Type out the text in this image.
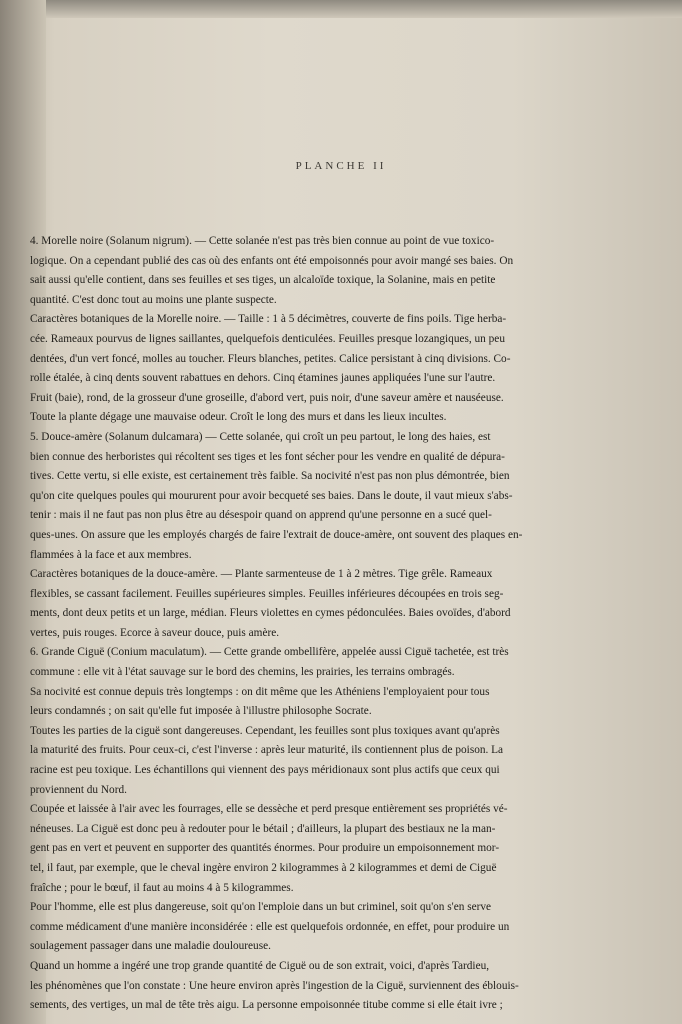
PLANCHE II
4. Morelle noire (Solanum nigrum). — Cette solanée n'est pas très bien connue au point de vue toxico-
logique. On a cependant publié des cas où des enfants ont été empoisonnés pour avoir mangé ses baies. On
sait aussi qu'elle contient, dans ses feuilles et ses tiges, un alcaloïde toxique, la Solanine, mais en petite
quantité. C'est donc tout au moins une plante suspecte.
Caractères botaniques de la Morelle noire. — Taille : 1 à 5 décimètres, couverte de fins poils. Tige herba-
cée. Rameaux pourvus de lignes saillantes, quelquefois denticulées. Feuilles presque lozangiques, un peu
dentées, d'un vert foncé, molles au toucher. Fleurs blanches, petites. Calice persistant à cinq divisions. Co-
rolle étalée, à cinq dents souvent rabattues en dehors. Cinq étamines jaunes appliquées l'une sur l'autre.
Fruit (baie), rond, de la grosseur d'une groseille, d'abord vert, puis noir, d'une saveur amère et nauséeuse.
Toute la plante dégage une mauvaise odeur. Croît le long des murs et dans les lieux incultes.
5. Douce-amère (Solanum dulcamara) — Cette solanée, qui croît un peu partout, le long des haies, est
bien connue des herboristes qui récoltent ses tiges et les font sécher pour les vendre en qualité de dépura-
tives. Cette vertu, si elle existe, est certainement très faible. Sa nocivité n'est pas non plus démontrée, bien
qu'on cite quelques poules qui moururent pour avoir becqueté ses baies. Dans le doute, il vaut mieux s'abs-
tenir : mais il ne faut pas non plus être au désespoir quand on apprend qu'une personne en a sucé quel-
ques-unes. On assure que les employés chargés de faire l'extrait de douce-amère, ont souvent des plaques en-
flammées à la face et aux membres.
Caractères botaniques de la douce-amère. — Plante sarmenteuse de 1 à 2 mètres. Tige grêle. Rameaux
flexibles, se cassant facilement. Feuilles supérieures simples. Feuilles inférieures découpées en trois seg-
ments, dont deux petits et un large, médian. Fleurs violettes en cymes pédonculées. Baies ovoïdes, d'abord
vertes, puis rouges. Ecorce à saveur douce, puis amère.
6. Grande Ciguë (Conium maculatum). — Cette grande ombellifère, appelée aussi Ciguë tachetée, est très
commune : elle vit à l'état sauvage sur le bord des chemins, les prairies, les terrains ombragés.
Sa nocivité est connue depuis très longtemps : on dit même que les Athéniens l'employaient pour tous
leurs condamnés ; on sait qu'elle fut imposée à l'illustre philosophe Socrate.
Toutes les parties de la ciguë sont dangereuses. Cependant, les feuilles sont plus toxiques avant qu'après
la maturité des fruits. Pour ceux-ci, c'est l'inverse : après leur maturité, ils contiennent plus de poison. La
racine est peu toxique. Les échantillons qui viennent des pays méridionaux sont plus actifs que ceux qui
proviennent du Nord.
Coupée et laissée à l'air avec les fourrages, elle se dessèche et perd presque entièrement ses propriétés vé-
néneuses. La Ciguë est donc peu à redouter pour le bétail ; d'ailleurs, la plupart des bestiaux ne la man-
gent pas en vert et peuvent en supporter des quantités énormes. Pour produire un empoisonnement mor-
tel, il faut, par exemple, que le cheval ingère environ 2 kilogrammes à 2 kilogrammes et demi de Ciguë
fraîche ; pour le bœuf, il faut au moins 4 à 5 kilogrammes.
Pour l'homme, elle est plus dangereuse, soit qu'on l'emploie dans un but criminel, soit qu'on s'en serve
comme médicament d'une manière inconsidérée : elle est quelquefois ordonnée, en effet, pour produire un
soulagement passager dans une maladie douloureuse.
Quand un homme a ingéré une trop grande quantité de Ciguë ou de son extrait, voici, d'après Tardieu,
les phénomènes que l'on constate : Une heure environ après l'ingestion de la Ciguë, surviennent des éblouis-
sements, des vertiges, un mal de tête très aigu. La personne empoisonnée titube comme si elle était ivre ;
